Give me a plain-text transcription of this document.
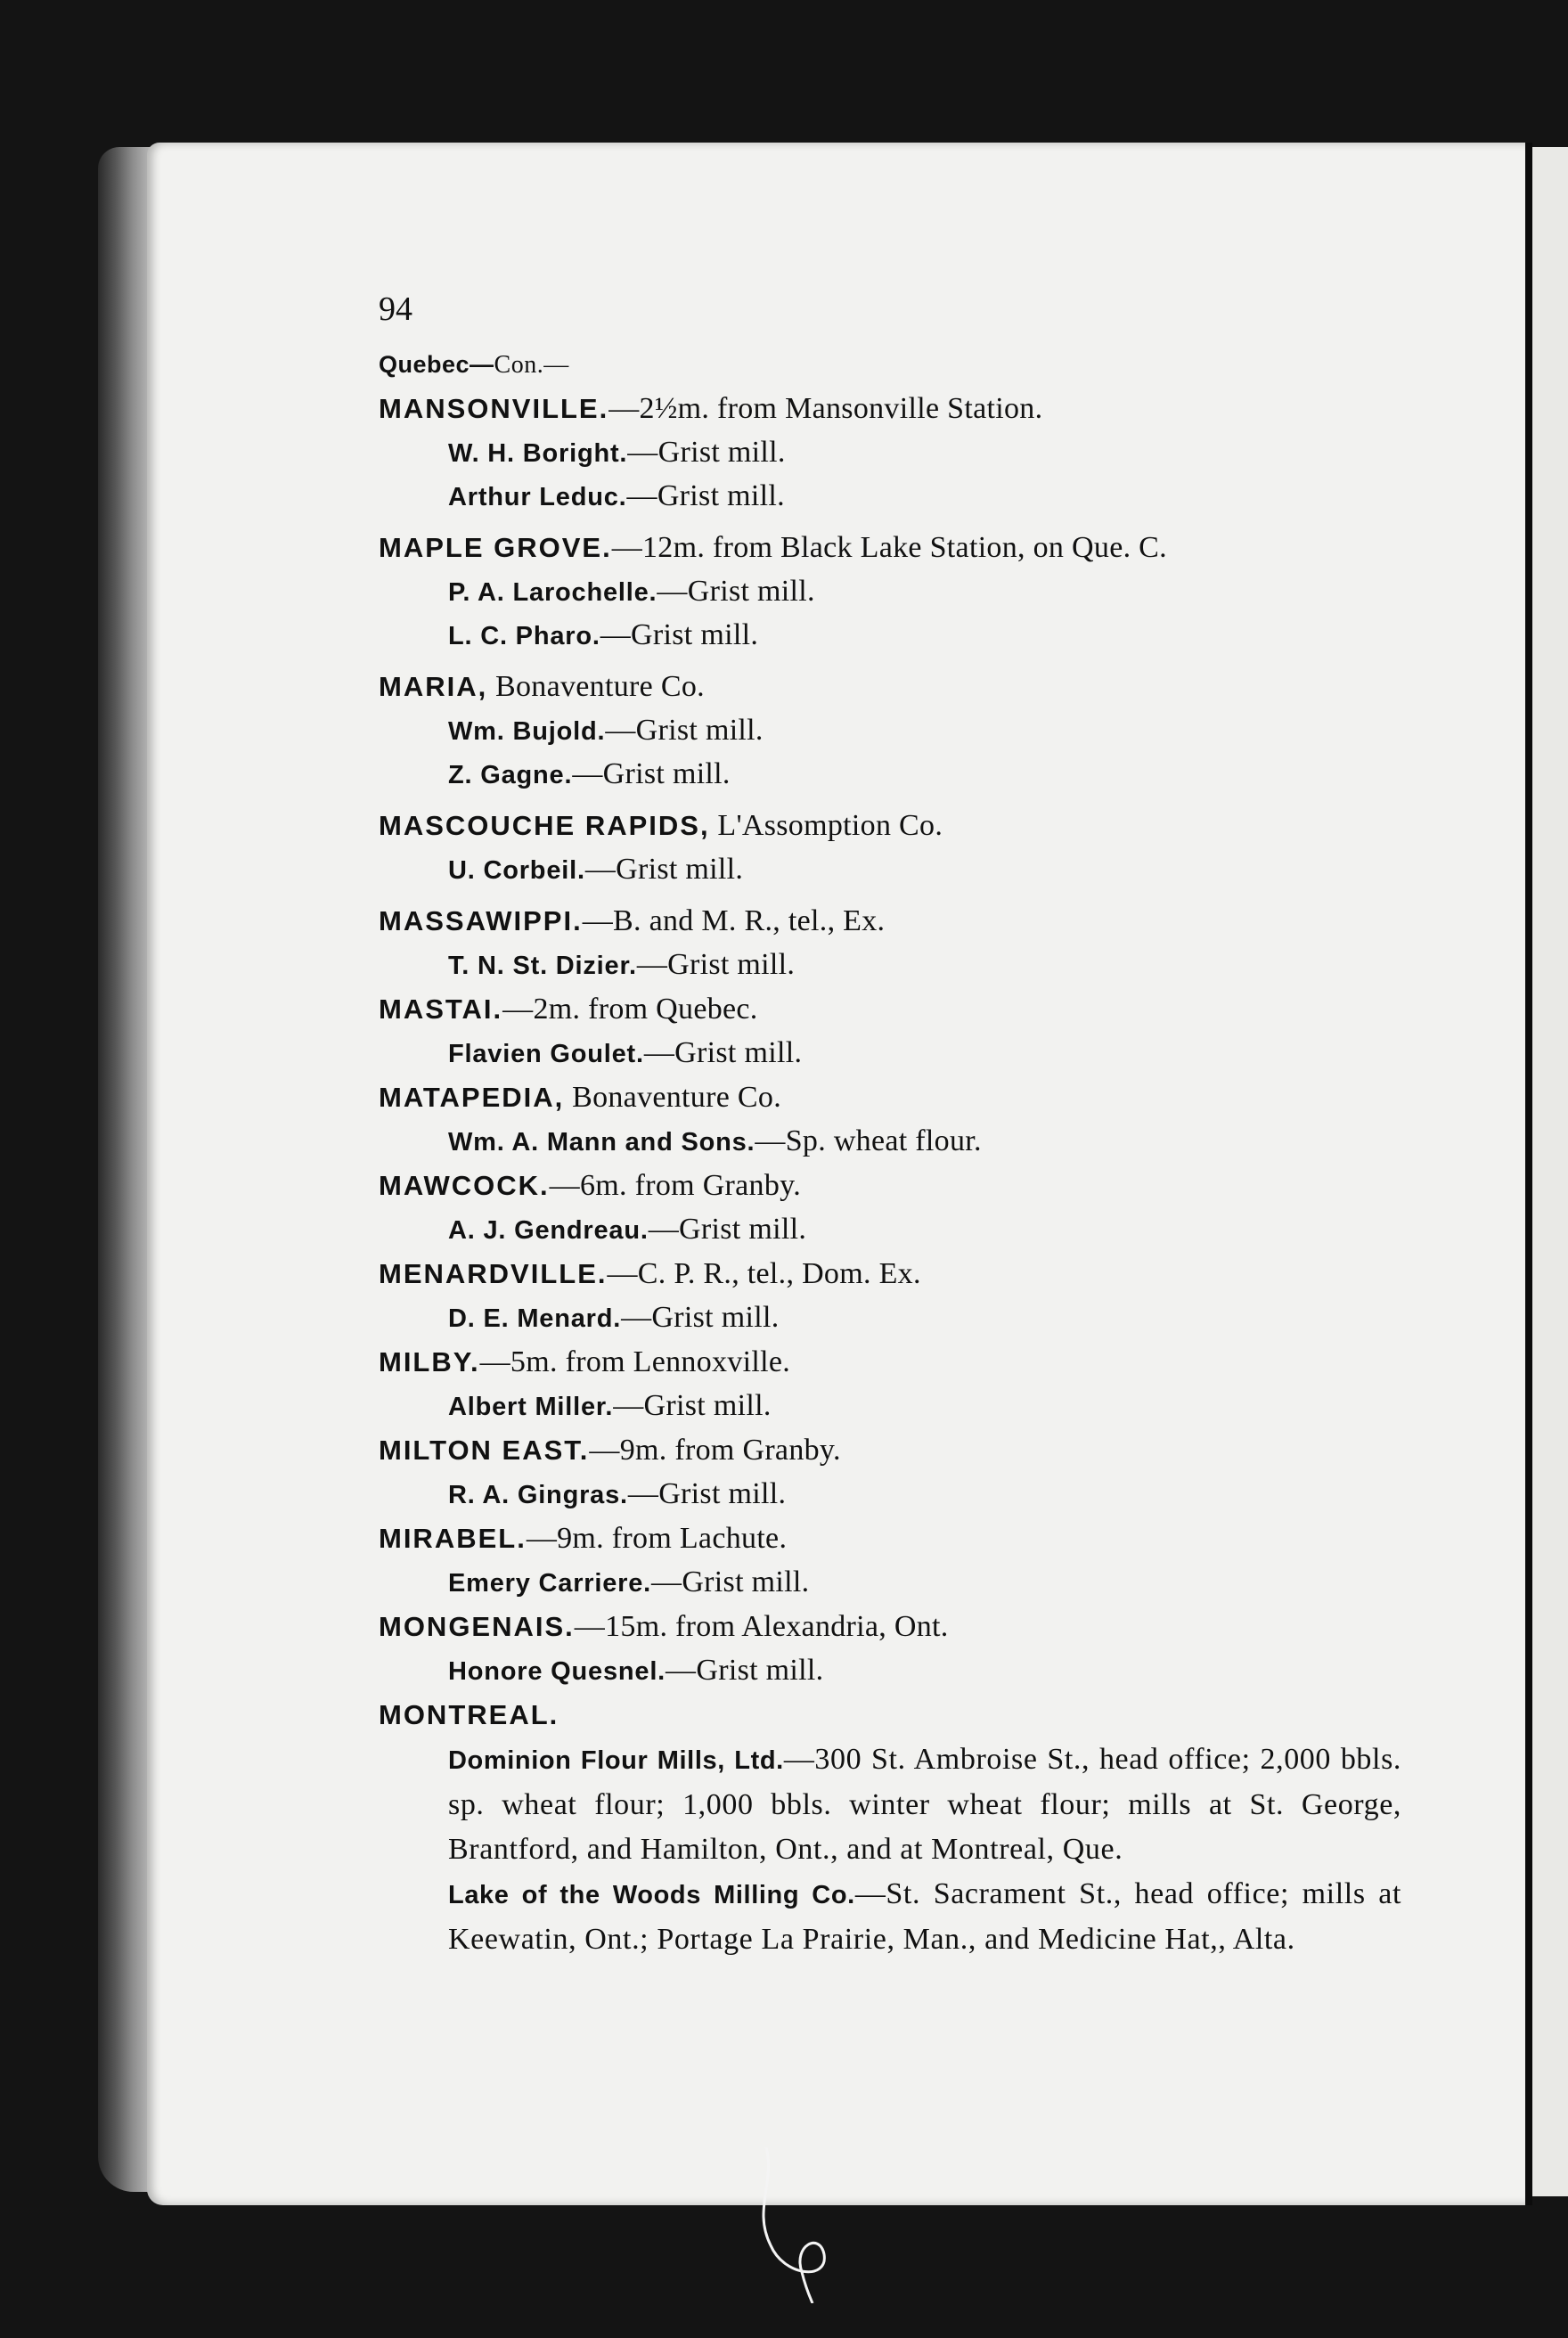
94

Quebec—Con.—

MANSONVILLE.—2½m. from Mansonville Station.

W. H. Boright.—Grist mill.

Arthur Leduc.—Grist mill.

MAPLE GROVE.—12m. from Black Lake Station, on Que. C.

P. A. Larochelle.—Grist mill.

L. C. Pharo.—Grist mill.

MARIA, Bonaventure Co.

Wm. Bujold.—Grist mill.

Z. Gagne.—Grist mill.

MASCOUCHE RAPIDS, L'Assomption Co.

U. Corbeil.—Grist mill.

MASSAWIPPI.—B. and M. R., tel., Ex.

T. N. St. Dizier.—Grist mill.

MASTAI.—2m. from Quebec.

Flavien Goulet.—Grist mill.

MATAPEDIA, Bonaventure Co.

Wm. A. Mann and Sons.—Sp. wheat flour.

MAWCOCK.—6m. from Granby.

A. J. Gendreau.—Grist mill.

MENARDVILLE.—C. P. R., tel., Dom. Ex.

D. E. Menard.—Grist mill.

MILBY.—5m. from Lennoxville.

Albert Miller.—Grist mill.

MILTON EAST.—9m. from Granby.

R. A. Gingras.—Grist mill.

MIRABEL.—9m. from Lachute.

Emery Carriere.—Grist mill.

MONGENAIS.—15m. from Alexandria, Ont.

Honore Quesnel.—Grist mill.

MONTREAL.

Dominion Flour Mills, Ltd.—300 St. Ambroise St., head office; 2,000 bbls. sp. wheat flour; 1,000 bbls. winter wheat flour; mills at St. George, Brantford, and Hamilton, Ont., and at Montreal, Que.

Lake of the Woods Milling Co.—St. Sacrament St., head office; mills at Keewatin, Ont.; Portage La Prairie, Man., and Medicine Hat,, Alta.
